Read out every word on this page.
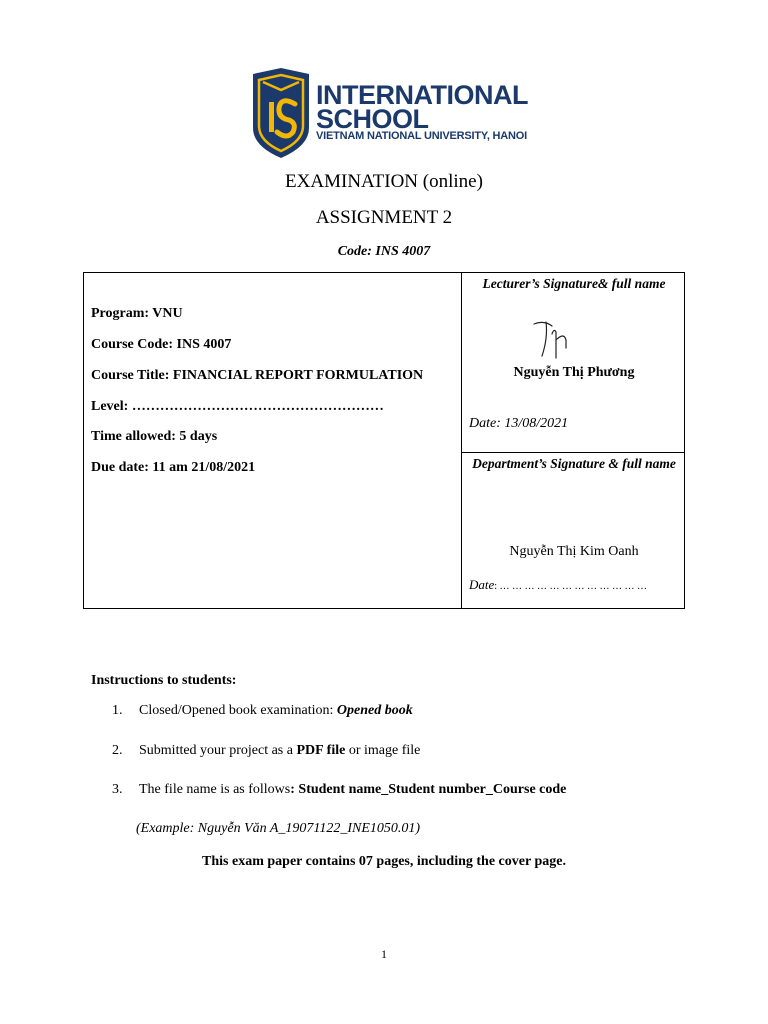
INTERNATIONAL
SCHOOL
VIETNAM NATIONAL UNIVERSITY, HANOI
EXAMINATION (online)
ASSIGNMENT 2
Code: INS 4007
Program: VNU
Course Code: INS 4007
Course Title: FINANCIAL REPORT FORMULATION
Level: ………………………………………………
Time allowed: 5 days
Due date: 11 am 21/08/2021
Lecturer’s Signature& full name
Nguyễn Thị Phương
Date: 13/08/2021
Department’s Signature & full name
Nguyễn Thị Kim Oanh
Date: … … … … … … … … … … … …
Instructions to students:
1. Closed/Opened book examination: Opened book
2. Submitted your project as a PDF file or image file
3. The file name is as follows: Student name_Student number_Course code
(Example: Nguyễn Văn A_19071122_INE1050.01)
This exam paper contains 07 pages, including the cover page.
1
